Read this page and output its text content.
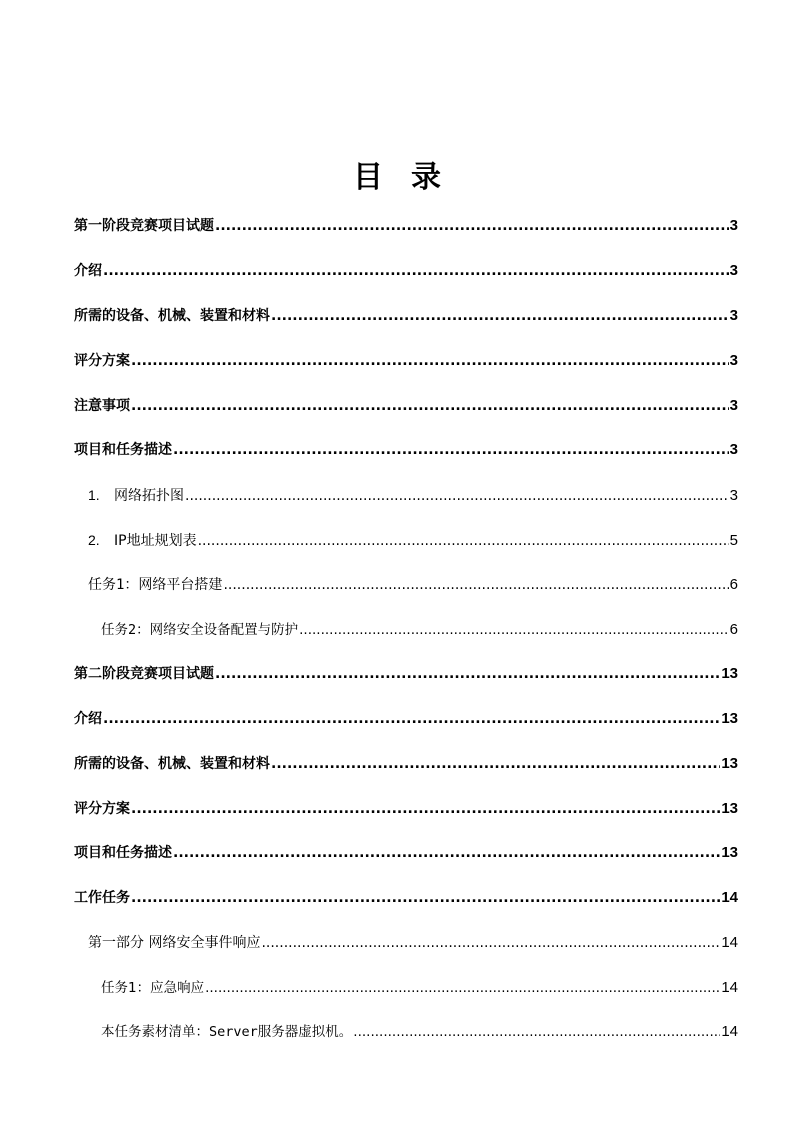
目录
第一阶段竞赛项目试题 .....	3
介绍 .....	3
所需的设备、机械、装置和材料 .....	3
评分方案 .....	3
注意事项 .....	3
项目和任务描述 .....	3
1. 网络拓扑图 .....	3
2. IP地址规划表 .....	5
任务1：网络平台搭建 .....	6
任务2：网络安全设备配置与防护 .....	6
第二阶段竞赛项目试题 .....	13
介绍 .....	13
所需的设备、机械、装置和材料 .....	13
评分方案 .....	13
项目和任务描述 .....	13
工作任务 .....	14
第一部分 网络安全事件响应 .....	14
任务1：应急响应 .....	14
本任务素材清单：Server服务器虚拟机。 .....	14
